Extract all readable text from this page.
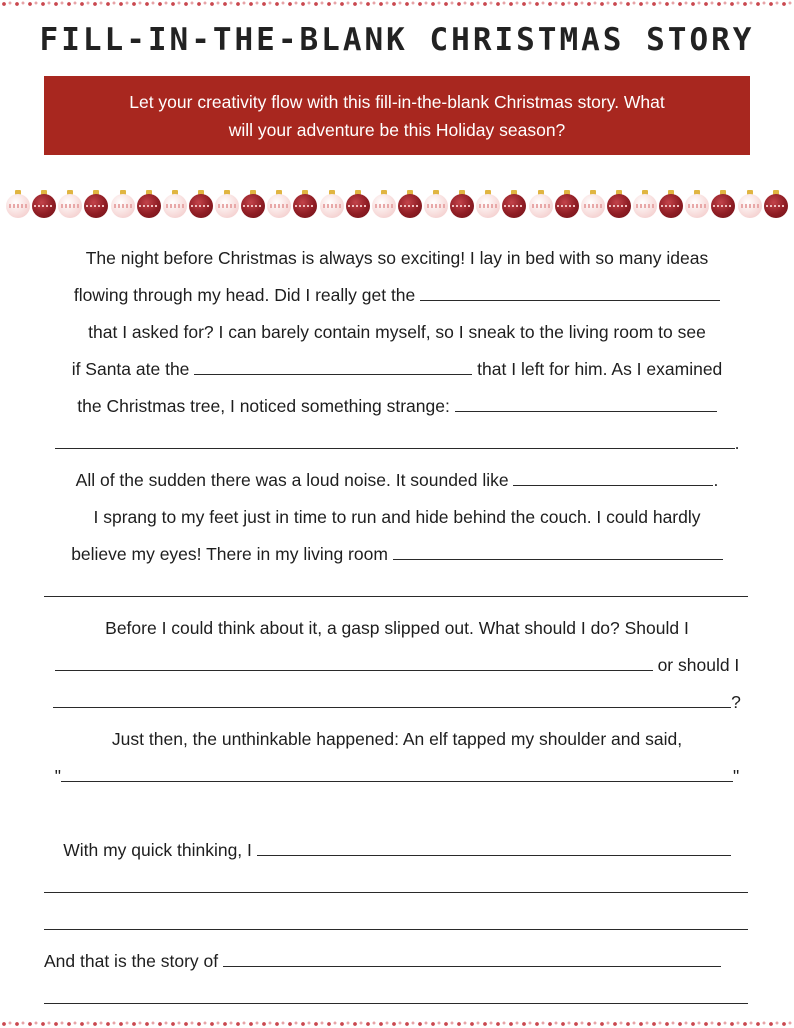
FILL-IN-THE-BLANK CHRISTMAS STORY
Let your creativity flow with this fill-in-the-blank Christmas story. What
will your adventure be this Holiday season?
The night before Christmas is always so exciting! I lay in bed with so many ideas
flowing through my head. Did I really get the
that I asked for? I can barely contain myself, so I sneak to the living room to see
if Santa ate the	that I left for him. As I examined
the Christmas tree, I noticed something strange:
.
All of the sudden there was a loud noise. It sounded like	.
I sprang to my feet just in time to run and hide behind the couch. I could hardly
believe my eyes! There in my living room
Before I could think about it, a gasp slipped out. What should I do? Should I
or should I
?
Just then, the unthinkable happened: An elf tapped my shoulder and said,
"	"
With my quick thinking, I
And that is the story of
